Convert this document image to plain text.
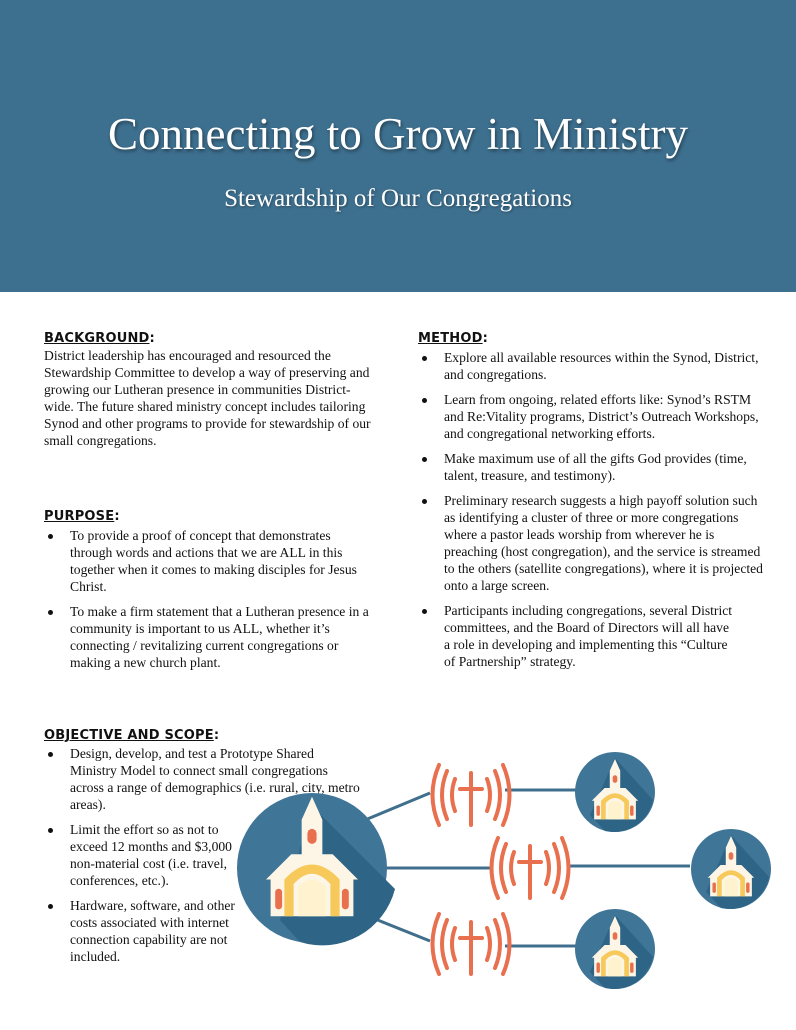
Connecting to Grow in Ministry
Stewardship of Our Congregations
BACKGROUND:

District leadership has encouraged and resourced the Stewardship Committee to develop a way of preserving and growing our Lutheran presence in communities District-wide. The future shared ministry concept includes tailoring Synod and other programs to provide for stewardship of our small congregations.

PURPOSE:
To provide a proof of concept that demonstrates through words and actions that we are ALL in this together when it comes to making disciples for Jesus Christ.
To make a firm statement that a Lutheran presence in a community is important to us ALL, whether it’s connecting / revitalizing current congregations or making a new church plant.
OBJECTIVE AND SCOPE:
Design, develop, and test a Prototype Shared Ministry Model to connect small congregations across a range of demographics (i.e. rural, city, metro areas).
Limit the effort so as not to exceed 12 months and $3,000 non-material cost (i.e. travel, conferences, etc.).
Hardware, software, and other costs associated with internet connection capability are not included.
METHOD:
Explore all available resources within the Synod, District, and congregations.
Learn from ongoing, related efforts like: Synod’s RSTM and Re:Vitality programs, District’s Outreach Workshops, and congregational networking efforts.
Make maximum use of all the gifts God provides (time, talent, treasure, and testimony).
Preliminary research suggests a high payoff solution such as identifying a cluster of three or more congregations where a pastor leads worship from wherever he is preaching (host congregation), and the service is streamed to the others (satellite congregations), where it is projected onto a large screen.
Participants including congregations, several District committees, and the Board of Directors will all have a role in developing and implementing this “Culture of Partnership” strategy.
